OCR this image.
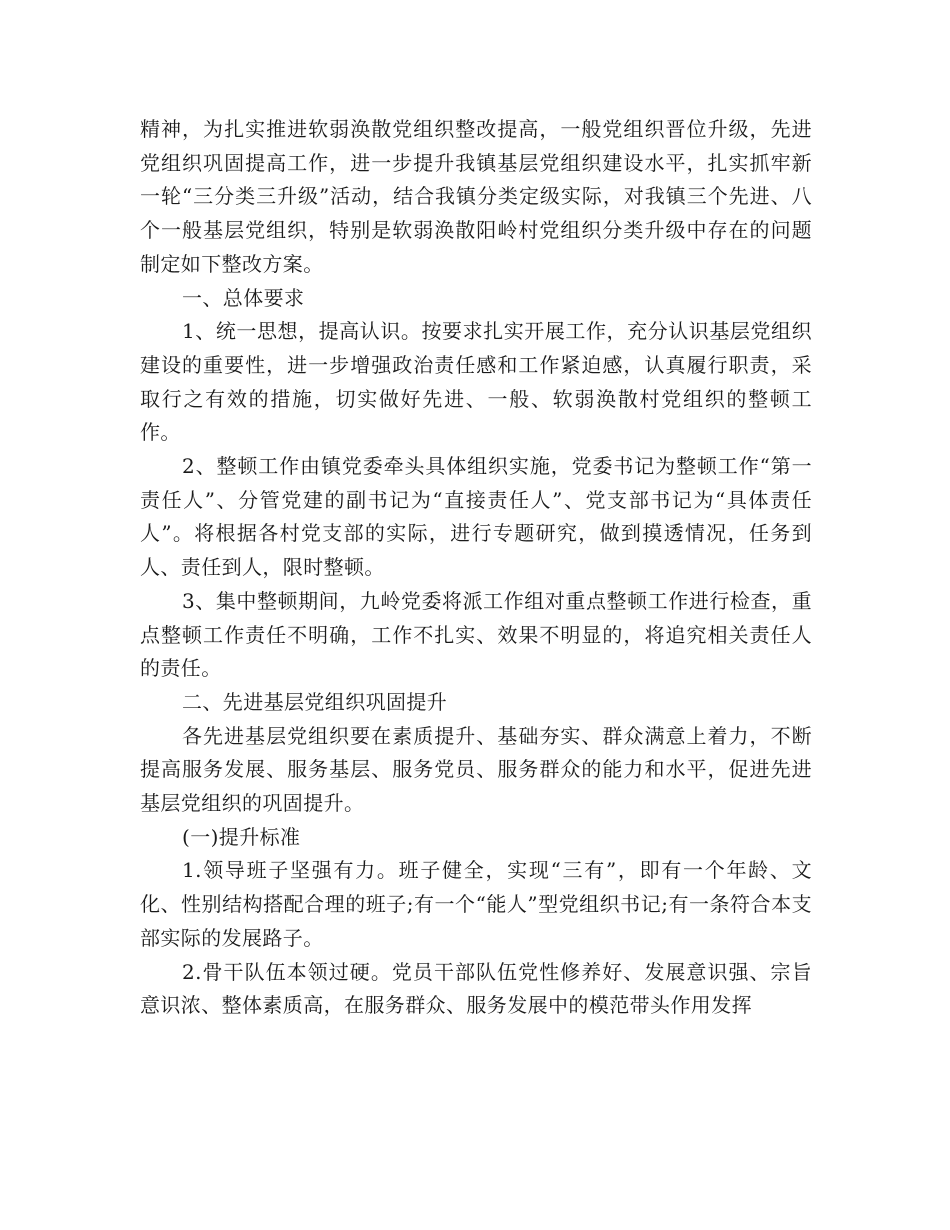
精神，为扎实推进软弱涣散党组织整改提高，一般党组织晋位升级，先进党组织巩固提高工作，进一步提升我镇基层党组织建设水平，扎实抓牢新一轮“三分类三升级”活动，结合我镇分类定级实际，对我镇三个先进、八个一般基层党组织，特别是软弱涣散阳岭村党组织分类升级中存在的问题制定如下整改方案。

一、总体要求

1、统一思想，提高认识。按要求扎实开展工作，充分认识基层党组织建设的重要性，进一步增强政治责任感和工作紧迫感，认真履行职责，采取行之有效的措施，切实做好先进、一般、软弱涣散村党组织的整顿工作。

2、整顿工作由镇党委牵头具体组织实施，党委书记为整顿工作“第一责任人”、分管党建的副书记为“直接责任人”、党支部书记为“具体责任人”。将根据各村党支部的实际，进行专题研究，做到摸透情况，任务到人、责任到人，限时整顿。

3、集中整顿期间，九岭党委将派工作组对重点整顿工作进行检查，重点整顿工作责任不明确，工作不扎实、效果不明显的，将追究相关责任人的责任。

二、先进基层党组织巩固提升

各先进基层党组织要在素质提升、基础夯实、群众满意上着力，不断提高服务发展、服务基层、服务党员、服务群众的能力和水平，促进先进基层党组织的巩固提升。

(一)提升标准

1.领导班子坚强有力。班子健全，实现“三有”，即有一个年龄、文化、性别结构搭配合理的班子;有一个“能人”型党组织书记;有一条符合本支部实际的发展路子。

2.骨干队伍本领过硬。党员干部队伍党性修养好、发展意识强、宗旨意识浓、整体素质高，在服务群众、服务发展中的模范带头作用发挥
